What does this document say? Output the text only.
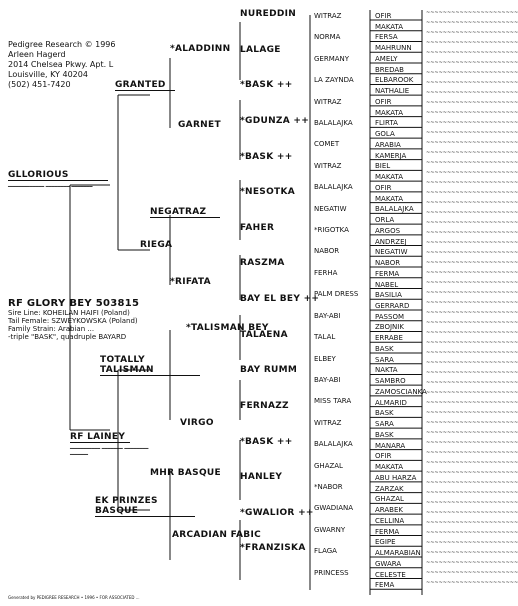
Pedigree Research © 1996
Arleen Hagerd
2014 Chelsea Pkwy. Apt. L
Louisville, KY 40204
(502) 451-7420
RF GLORY BEY 503815
Sire Line: KOHEILAN HAIFI (Poland)
Tail Female: SZWEYKOWSKA (Poland)
Family Strain: Arabian ...
-triple "BASK", quadruple BAYARD
GLLORIOUS
━━━━━━━━━━━━ ━━━━━━━━ ━━━━━━━
RF LAINEY
━━━━━━━━━━ ━━━━━━━ ━━━━━━━━ ━━━━━━
GRANTED
NEGATRAZ
TOTALLY TALISMAN
EK PRINZES BASQUE
*ALADDINN
GARNET
RIEGA
*RIFATA
*TALISMAN BEY
VIRGO
MHR BASQUE
ARCADIAN FABIC
NUREDDIN
LALAGE
*BASK ++
*GDUNZA ++
*BASK ++
*NESOTKA
FAHER
RASZMA
BAY EL BEY ++
TALAENA
BAY RUMM
FERNAZZ
*BASK ++
HANLEY
*GWALIOR ++
*FRANZISKA
WITRAZ
NORMA
GERMANY
LA ZAYNDA
WITRAZ
BALALAJKA
COMET
WITRAZ
BALALAJKA
NEGATIW
*RIGOTKA
NABOR
FERHA
PALM DRESS
BAY-ABI
TALAL
ELBEY
BAY-ABI
MISS TARA
WITRAZ
BALALAJKA
GHAZAL
*NABOR
GWADIANA
GWARNY
FLAGA
PRINCESS
OFIR
MAKATA
FERSA
MAHRUNN
AMELY
BREDAB
ELBAROOK
NATHALIE
OFIR
MAKATA
FLIRTA
GOLA
ARABIA
KAMERJA
BIEL
MAKATA
OFIR
MAKATA
BALALAJKA
ORLA
ARGOS
ANDRZEJ
NEGATIW
NABOR
FERMA
NABEL
BASILIA
GERRARD
PASSOM
ZBOJNIK
ERRABE
BASK
SARA
NAKTA
SAMBRO
ZAMOSCIANKA
ALMARID
BASK
SARA
BASK
MANARA
OFIR
MAKATA
ABU HARZA
ZARZAK
GHAZAL
ARABEK
CELLINA
FERMA
EGIPE
ALMARABIAN
GWARA
CELESTE
FEMA
~~~~~~~~~~~~~~~~~~~~~~
~~~~~~~~~~~~~~~~~~~~~~
~~~~~~~~~~~~~~~~~~~~~~
~~~~~~~~~~~~~~~~~~~~~~
~~~~~~~~~~~~~~~~~~~~~~
~~~~~~~~~~~~~~~~~~~~~~
~~~~~~~~~~~~~~~~~~~~~~
~~~~~~~~~~~~~~~~~~~~~~
~~~~~~~~~~~~~~~~~~~~~~
~~~~~~~~~~~~~~~~~~~~~~
~~~~~~~~~~~~~~~~~~~~~~
~~~~~~~~~~~~~~~~~~~~~~
~~~~~~~~~~~~~~~~~~~~~~
~~~~~~~~~~~~~~~~~~~~~~
~~~~~~~~~~~~~~~~~~~~~~
~~~~~~~~~~~~~~~~~~~~~~
~~~~~~~~~~~~~~~~~~~~~~
~~~~~~~~~~~~~~~~~~~~~~
~~~~~~~~~~~~~~~~~~~~~~
~~~~~~~~~~~~~~~~~~~~~~
~~~~~~~~~~~~~~~~~~~~~~
~~~~~~~~~~~~~~~~~~~~~~
~~~~~~~~~~~~~~~~~~~~~~
~~~~~~~~~~~~~~~~~~~~~~
~~~~~~~~~~~~~~~~~~~~~~
~~~~~~~~~~~~~~~~~~~~~~
~~~~~~~~~~~~~~~~~~~~~~
~~~~~~~~~~~~~~~~~~~~~~
~~~~~~~~~~~~~~~~~~~~~~
~~~~~~~~~~~~~~~~~~~~~~
~~~~~~~~~~~~~~~~~~~~~~
~~~~~~~~~~~~~~~~~~~~~~
~~~~~~~~~~~~~~~~~~~~~~
~~~~~~~~~~~~~~~~~~~~~~
~~~~~~~~~~~~~~~~~~~~~~
~~~~~~~~~~~~~~~~~~~~~~
~~~~~~~~~~~~~~~~~~~~~~
~~~~~~~~~~~~~~~~~~~~~~
~~~~~~~~~~~~~~~~~~~~~~
~~~~~~~~~~~~~~~~~~~~~~
~~~~~~~~~~~~~~~~~~~~~~
~~~~~~~~~~~~~~~~~~~~~~
~~~~~~~~~~~~~~~~~~~~~~
~~~~~~~~~~~~~~~~~~~~~~
~~~~~~~~~~~~~~~~~~~~~~
~~~~~~~~~~~~~~~~~~~~~~
~~~~~~~~~~~~~~~~~~~~~~
~~~~~~~~~~~~~~~~~~~~~~
~~~~~~~~~~~~~~~~~~~~~~
~~~~~~~~~~~~~~~~~~~~~~
~~~~~~~~~~~~~~~~~~~~~~
~~~~~~~~~~~~~~~~~~~~~~
~~~~~~~~~~~~~~~~~~~~~~
~~~~~~~~~~~~~~~~~~~~~~
~~~~~~~~~~~~~~~~~~~~~~
~~~~~~~~~~~~~~~~~~~~~~
~~~~~~~~~~~~~~~~~~~~~~
~~~~~~~~~~~~~~~~~~~~~~
Generated by PEDIGREE RESEARCH • 1996 • FOR ASSOCIATED ...
